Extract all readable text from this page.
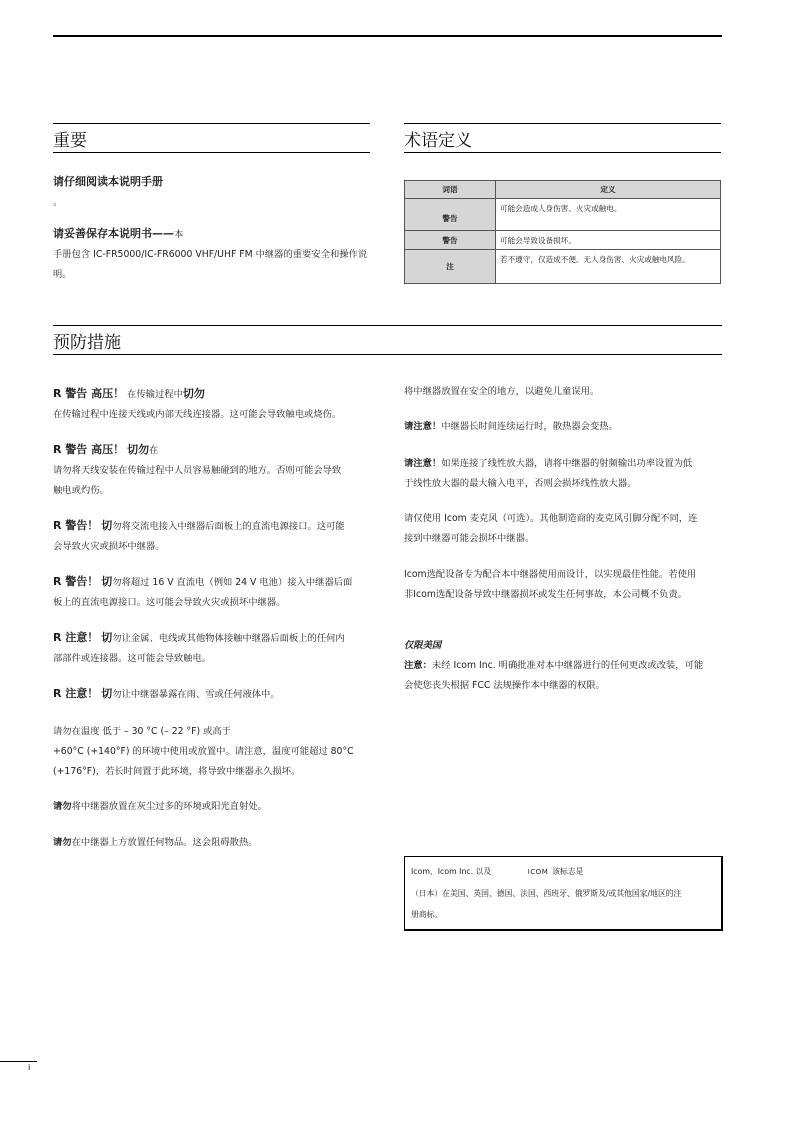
重要
请仔细阅读本说明手册
。
请妥善保存本说明书——本
手册包含 IC-FR5000/IC-FR6000 VHF/UHF FM 中继器的重要安全和操作说
明。
术语定义
词语	定义
警告	可能会造成人身伤害、火灾或触电。
警告	可能会导致设备损坏。
注	若不遵守，仅造成不便。无人身伤害、火灾或触电风险。
预防措施
R 警告 高压！ 在传输过程中切勿
在传输过程中连接天线或内部天线连接器。这可能会导致触电或烧伤。
R 警告 高压！ 切勿在
请勿将天线安装在传输过程中人员容易触碰到的地方。否则可能会导致
触电或灼伤。
R 警告！ 切勿将交流电接入中继器后面板上的直流电源接口。这可能
会导致火灾或损坏中继器。
R 警告！ 切勿将超过 16 V 直流电（例如 24 V 电池）接入中继器后面
板上的直流电源接口。这可能会导致火灾或损坏中继器。
R 注意！ 切勿让金属、电线或其他物体接触中继器后面板上的任何内
部部件或连接器。这可能会导致触电。
R 注意！ 切勿让中继器暴露在雨、雪或任何液体中。
请勿在温度 低于 – 30 °C (– 22 °F) 或高于
+60°C (+140°F) 的环境中使用或放置中。请注意，温度可能超过 80°C
(+176°F)，若长时间置于此环境，将导致中继器永久损坏。
请勿将中继器放置在灰尘过多的环境或阳光直射处。
请勿在中继器上方放置任何物品。这会阻碍散热。
将中继器放置在安全的地方，以避免儿童误用。
请注意！中继器长时间连续运行时，散热器会变热。
请注意！如果连接了线性放大器，请将中继器的射频输出功率设置为低
于线性放大器的最大输入电平，否则会损坏线性放大器。
请仅使用 Icom 麦克风（可选）。其他制造商的麦克风引脚分配不同，连
接到中继器可能会损坏中继器。
Icom选配设备专为配合本中继器使用而设计，以实现最佳性能。若使用
非Icom选配设备导致中继器损坏或发生任何事故，本公司概不负责。
仅限美国
注意：未经 Icom Inc. 明确批准对本中继器进行的任何更改或改装，可能
会使您丧失根据 FCC 法规操作本中继器的权限。
Icom、Icom Inc. 以及	ICOM 该标志是
（日本）在美国、英国、德国、法国、西班牙、俄罗斯及/或其他国家/地区的注
册商标。
i
